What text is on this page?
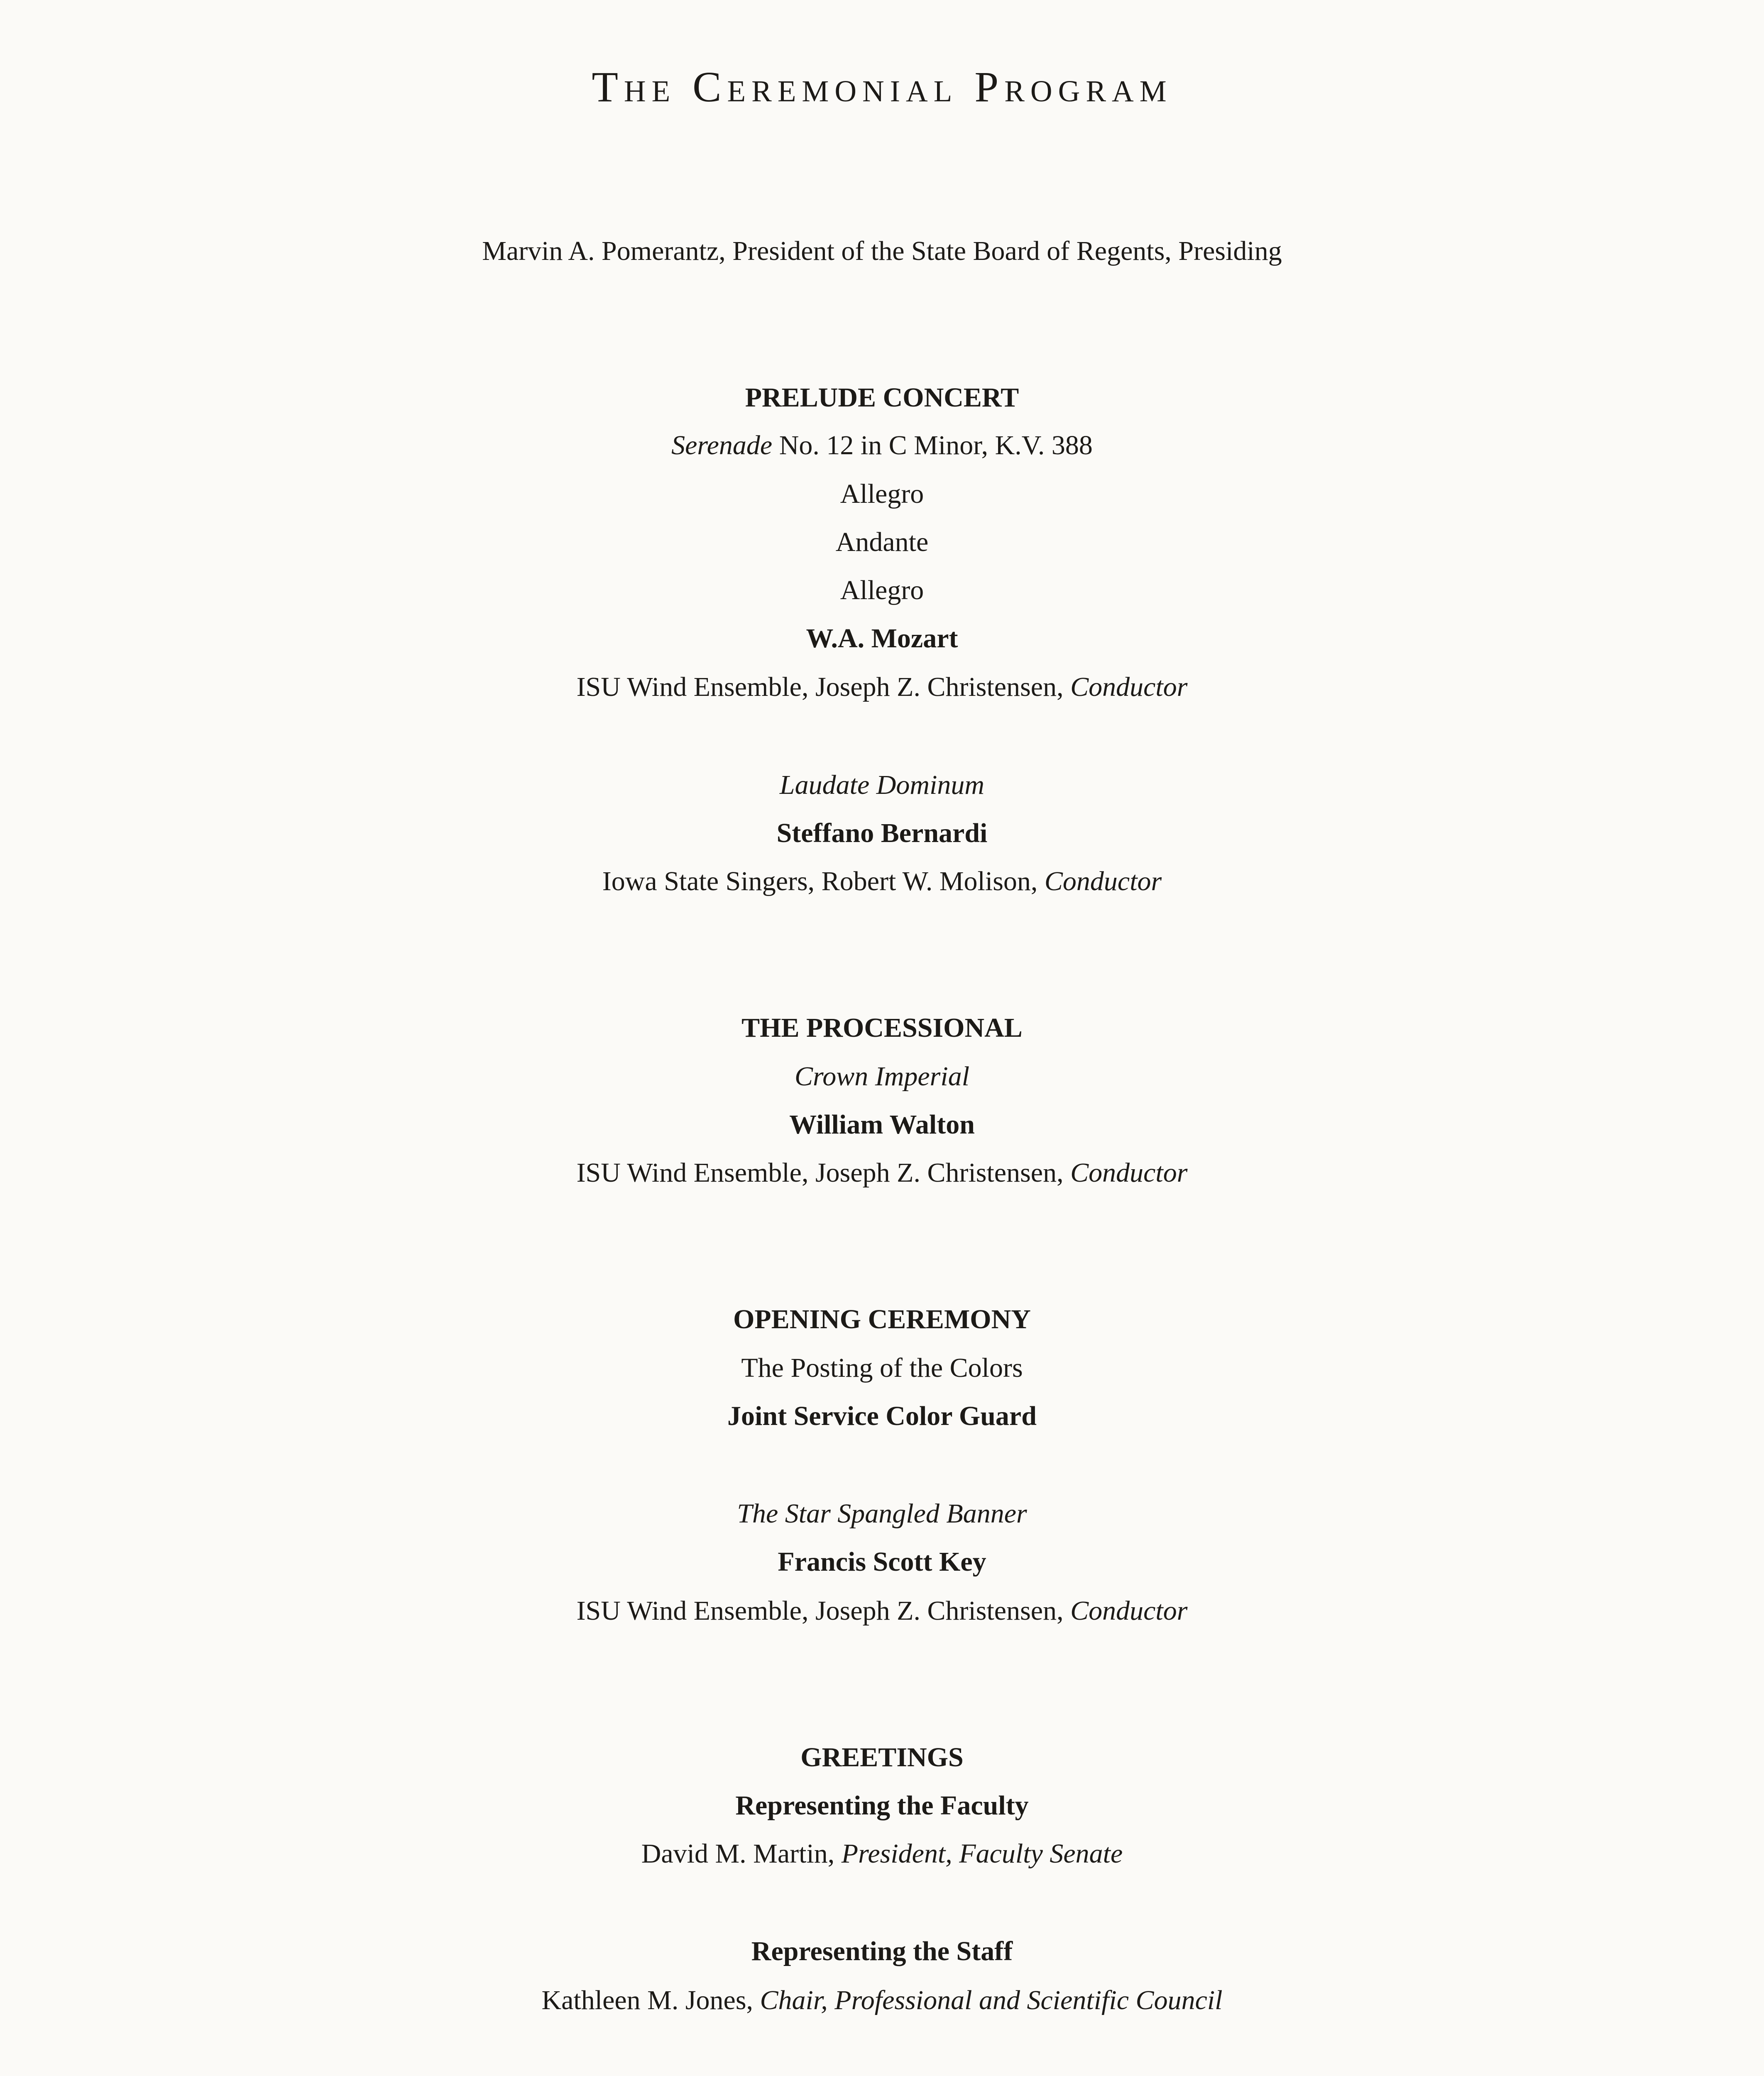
The Ceremonial Program
Marvin A. Pomerantz, President of the State Board of Regents, Presiding
PRELUDE CONCERT
Serenade No. 12 in C Minor, K.V. 388
Allegro
Andante
Allegro
W.A. Mozart
ISU Wind Ensemble, Joseph Z. Christensen, Conductor
Laudate Dominum
Steffano Bernardi
Iowa State Singers, Robert W. Molison, Conductor
THE PROCESSIONAL
Crown Imperial
William Walton
ISU Wind Ensemble, Joseph Z. Christensen, Conductor
OPENING CEREMONY
The Posting of the Colors
Joint Service Color Guard
The Star Spangled Banner
Francis Scott Key
ISU Wind Ensemble, Joseph Z. Christensen, Conductor
GREETINGS
Representing the Faculty
David M. Martin, President, Faculty Senate
Representing the Staff
Kathleen M. Jones, Chair, Professional and Scientific Council
